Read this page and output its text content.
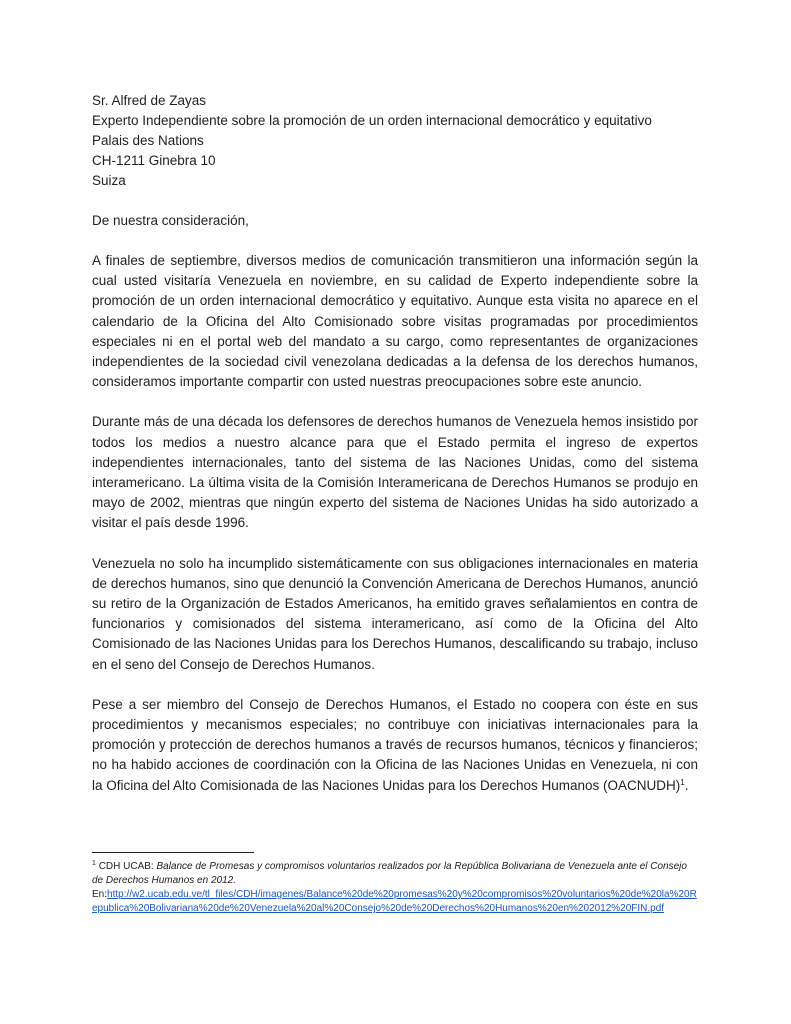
Sr. Alfred de Zayas
Experto Independiente sobre la promoción de un orden internacional democrático y equitativo
Palais des Nations
CH-1211 Ginebra 10
Suiza
De nuestra consideración,

A finales de septiembre, diversos medios de comunicación transmitieron una información según la cual usted visitaría Venezuela en noviembre, en su calidad de Experto independiente sobre la promoción de un orden internacional democrático y equitativo. Aunque esta visita no aparece en el calendario de la Oficina del Alto Comisionado sobre visitas programadas por procedimientos especiales ni en el portal web del mandato a su cargo, como representantes de organizaciones independientes de la sociedad civil venezolana dedicadas a la defensa de los derechos humanos, consideramos importante compartir con usted nuestras preocupaciones sobre este anuncio.

Durante más de una década los defensores de derechos humanos de Venezuela hemos insistido por todos los medios a nuestro alcance para que el Estado permita el ingreso de expertos independientes internacionales, tanto del sistema de las Naciones Unidas, como del sistema interamericano. La última visita de la Comisión Interamericana de Derechos Humanos se produjo en mayo de 2002, mientras que ningún experto del sistema de Naciones Unidas ha sido autorizado a visitar el país desde 1996.

Venezuela no solo ha incumplido sistemáticamente con sus obligaciones internacionales en materia de derechos humanos, sino que denunció la Convención Americana de Derechos Humanos, anunció su retiro de la Organización de Estados Americanos, ha emitido graves señalamientos en contra de funcionarios y comisionados del sistema interamericano, así como de la Oficina del Alto Comisionado de las Naciones Unidas para los Derechos Humanos, descalificando su trabajo, incluso en el seno del Consejo de Derechos Humanos.

Pese a ser miembro del Consejo de Derechos Humanos, el Estado no coopera con éste en sus procedimientos y mecanismos especiales; no contribuye con iniciativas internacionales para la promoción y protección de derechos humanos a través de recursos humanos, técnicos y financieros; no ha habido acciones de coordinación con la Oficina de las Naciones Unidas en Venezuela, ni con la Oficina del Alto Comisionada de las Naciones Unidas para los Derechos Humanos (OACNUDH)$^1$.

$^1$ CDH UCAB: Balance de Promesas y compromisos voluntarios realizados por la República Bolivariana de Venezuela ante el Consejo de Derechos Humanos en 2012.
En:http://w2.ucab.edu.ve/tl_files/CDH/imagenes/Balance%20de%20promesas%20y%20compromisos%20voluntarios%20de%20la%20Republica%20Bolivariana%20de%20Venezuela%20al%20Consejo%20de%20Derechos%20Humanos%20en%202012%20FIN.pdf
